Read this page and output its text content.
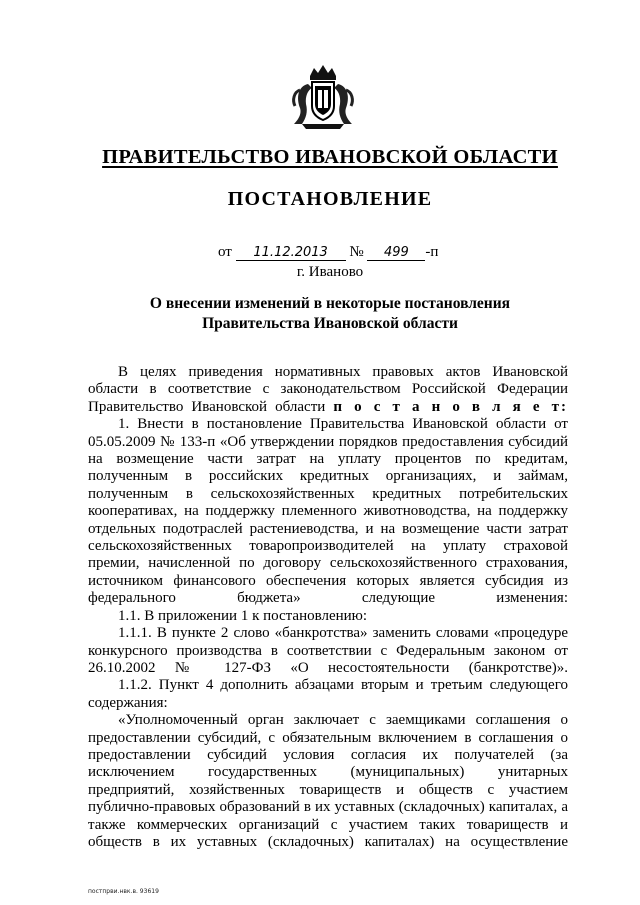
ПРАВИТЕЛЬСТВО ИВАНОВСКОЙ ОБЛАСТИ
ПОСТАНОВЛЕНИЕ
от 11.12.2013 № 499 -п
г. Иваново
О внесении изменений в некоторые постановления
Правительства Ивановской области

В целях приведения нормативных правовых актов Ивановской области в соответствие с законодательством Российской Федерации Правительство Ивановской области п о с т а н о в л я е т:

1. Внести в постановление Правительства Ивановской области от 05.05.2009 № 133-п «Об утверждении порядков предоставления субсидий на возмещение части затрат на уплату процентов по кредитам, полученным в российских кредитных организациях, и займам, полученным в сельскохозяйственных кредитных потребительских кооперативах, на поддержку племенного животноводства, на поддержку отдельных подотраслей растениеводства, и на возмещение части затрат сельскохозяйственных товаропроизводителей на уплату страховой премии, начисленной по договору сельскохозяйственного страхования, источником финансового обеспечения которых является субсидия из федерального бюджета» следующие изменения:

1.1. В приложении 1 к постановлению:

1.1.1. В пункте 2 слово «банкротства» заменить словами «процедуре конкурсного производства в соответствии с Федеральным законом от 26.10.2002 № 127-ФЗ «О несостоятельности (банкротстве)».

1.1.2. Пункт 4 дополнить абзацами вторым и третьим следующего содержания:

«Уполномоченный орган заключает с заемщиками соглашения о предоставлении субсидий, с обязательным включением в соглашения о предоставлении субсидий условия согласия их получателей (за исключением государственных (муниципальных) унитарных предприятий, хозяйственных товариществ и обществ с участием публично-правовых образований в их уставных (складочных) капиталах, а также коммерческих организаций с участием таких товариществ и обществ в их уставных (складочных) капиталах) на осуществление

постпрви.нвк.в. 93619
